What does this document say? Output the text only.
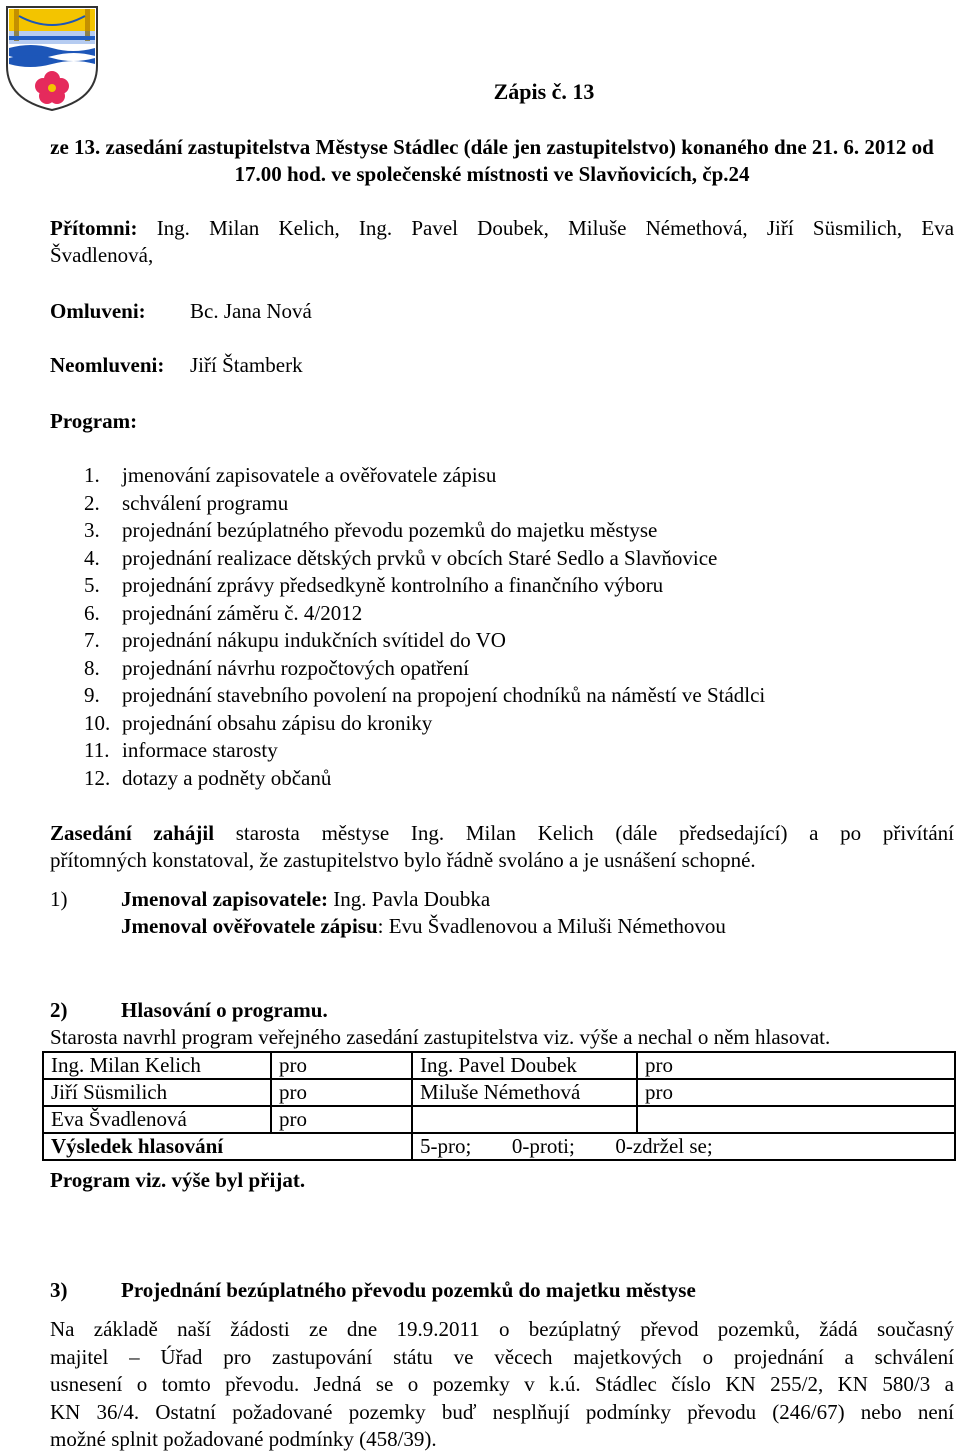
Zápis č. 13
ze 13. zasedání zastupitelstva Městyse Stádlec (dále jen zastupitelstvo) konaného dne 21. 6. 2012 od 17.00 hod. ve společenské místnosti ve Slavňovicích, čp.24
Přítomni: Ing. Milan Kelich, Ing. Pavel Doubek, Miluše Némethová, Jiří Süsmilich, Eva
Švadlenová,
Omluveni: Bc. Jana Nová
Neomluveni: Jiří Štamberk
Program:
1. jmenování zapisovatele a ověřovatele zápisu
2. schválení programu
3. projednání bezúplatného převodu pozemků do majetku městyse
4. projednání realizace dětských prvků v obcích Staré Sedlo a Slavňovice
5. projednání zprávy předsedkyně kontrolního a finančního výboru
6. projednání záměru č. 4/2012
7. projednání nákupu indukčních svítidel do VO
8. projednání návrhu rozpočtových opatření
9. projednání stavebního povolení na propojení chodníků na náměstí ve Stádlci
10. projednání obsahu zápisu do kroniky
11. informace starosty
12. dotazy a podněty občanů
Zasedání zahájil starosta městyse Ing. Milan Kelich (dále předsedající) a po přivítání
přítomných konstatoval, že zastupitelstvo bylo řádně svoláno a je usnášení schopné.
1)	Jmenoval zapisovatele: Ing. Pavla Doubka
Jmenoval ověřovatele zápisu: Evu Švadlenovou a Miluši Némethovou
2)	Hlasování o programu.
Starosta navrhl program veřejného zasedání zastupitelstva viz. výše a nechal o něm hlasovat.
Ing. Milan Kelich	pro	Ing. Pavel Doubek	pro
Jiří Süsmilich	pro	Miluše Némethová	pro
Eva Švadlenová	pro		
Výsledek hlasování		5-pro; 0-proti; 0-zdržel se;	
Program viz. výše byl přijat.
3)	Projednání bezúplatného převodu pozemků do majetku městyse
Na základě naší žádosti ze dne 19.9.2011 o bezúplatný převod pozemků, žádá současný
majitel – Úřad pro zastupování státu ve věcech majetkových o projednání a schválení
usnesení o tomto převodu. Jedná se o pozemky v k.ú. Stádlec číslo KN 255/2, KN 580/3 a
KN 36/4. Ostatní požadované pozemky buď nesplňují podmínky převodu (246/67) nebo není
možné splnit požadované podmínky (458/39).
